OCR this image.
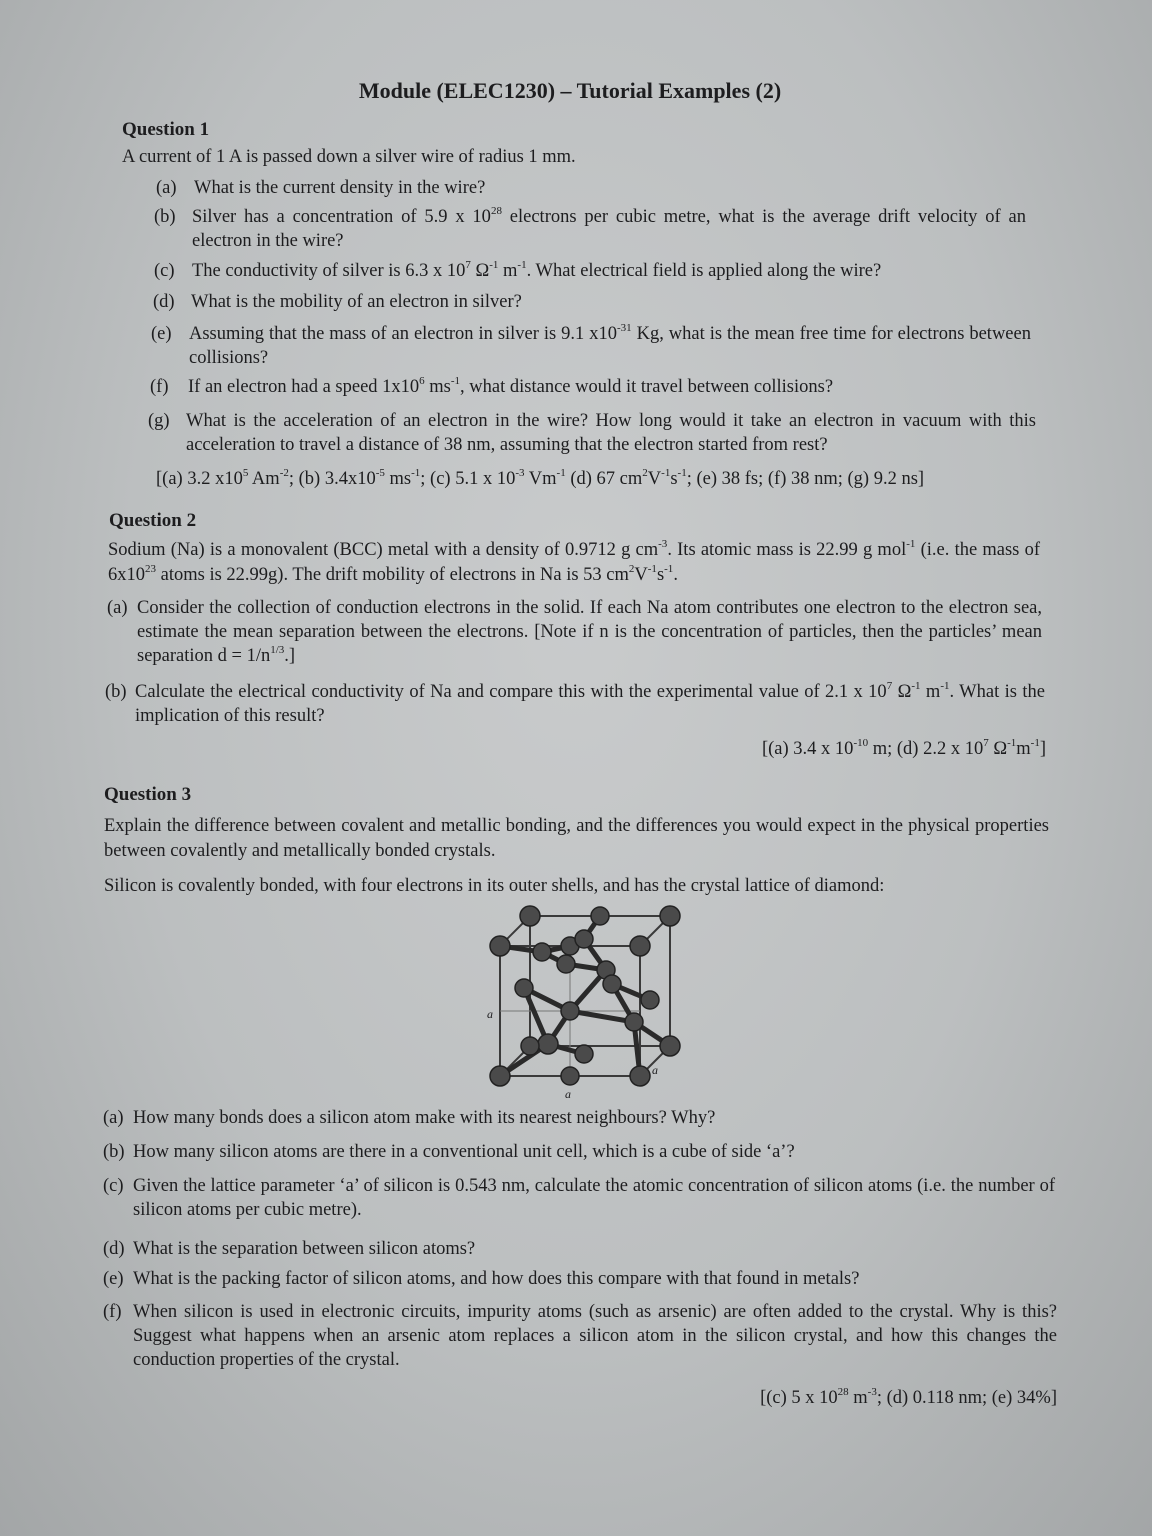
Module (ELEC1230) – Tutorial Examples (2)
Question 1
A current of 1 A is passed down a silver wire of radius 1 mm.
(a) What is the current density in the wire?
(b) Silver has a concentration of 5.9 x $10^{28}$ electrons per cubic metre, what is the average drift velocity of an electron in the wire?
(c) The conductivity of silver is 6.3 x $10^7$ $\Omega^{-1}$ $m^{-1}$. What electrical field is applied along the wire?
(d) What is the mobility of an electron in silver?
(e) Assuming that the mass of an electron in silver is 9.1 $x10^{-31}$ Kg, what is the mean free time for electrons between collisions?
(f) If an electron had a speed $1x10^6$ $ms^{-1}$, what distance would it travel between collisions?
(g) What is the acceleration of an electron in the wire? How long would it take an electron in vacuum with this acceleration to travel a distance of 38 nm, assuming that the electron started from rest?
[(a) 3.2 $x10^5$ $Am^{-2}$; (b) $3.4x10^{-5}$ $ms^{-1}$; (c) 5.1 x $10^{-3}$ $Vm^{-1}$ (d) 67 $cm^2V^{-1}s^{-1}$; (e) 38 fs; (f) 38 nm; (g) 9.2 ns]
Question 2
Sodium (Na) is a monovalent (BCC) metal with a density of 0.9712 g $cm^{-3}$. Its atomic mass is 22.99 g mol$^{-1}$ (i.e. the mass of $6x10^{23}$ atoms is 22.99g). The drift mobility of electrons in Na is 53 $cm^2V^{-1}s^{-1}$.
(a) Consider the collection of conduction electrons in the solid. If each Na atom contributes one electron to the electron sea, estimate the mean separation between the electrons. [Note if n is the concentration of particles, then the particles’ mean separation $d = 1/n^{1/3}$.]
(b) Calculate the electrical conductivity of Na and compare this with the experimental value of 2.1 x $10^7$ $\Omega^{-1}$ $m^{-1}$. What is the implication of this result?
[(a) 3.4 x $10^{-10}$ m; (d) 2.2 x $10^7$ $\Omega^{-1}m^{-1}$]
Question 3
Explain the difference between covalent and metallic bonding, and the differences you would expect in the physical properties between covalently and metallically bonded crystals.
Silicon is covalently bonded, with four electrons in its outer shells, and has the crystal lattice of diamond:
a
a
a
(a) How many bonds does a silicon atom make with its nearest neighbours? Why?
(b) How many silicon atoms are there in a conventional unit cell, which is a cube of side ‘a’?
(c) Given the lattice parameter ‘a’ of silicon is 0.543 nm, calculate the atomic concentration of silicon atoms (i.e. the number of silicon atoms per cubic metre).
(d) What is the separation between silicon atoms?
(e) What is the packing factor of silicon atoms, and how does this compare with that found in metals?
(f) When silicon is used in electronic circuits, impurity atoms (such as arsenic) are often added to the crystal. Why is this? Suggest what happens when an arsenic atom replaces a silicon atom in the silicon crystal, and how this changes the conduction properties of the crystal.
[(c) 5 x $10^{28}$ $m^{-3}$; (d) 0.118 nm; (e) 34%]
